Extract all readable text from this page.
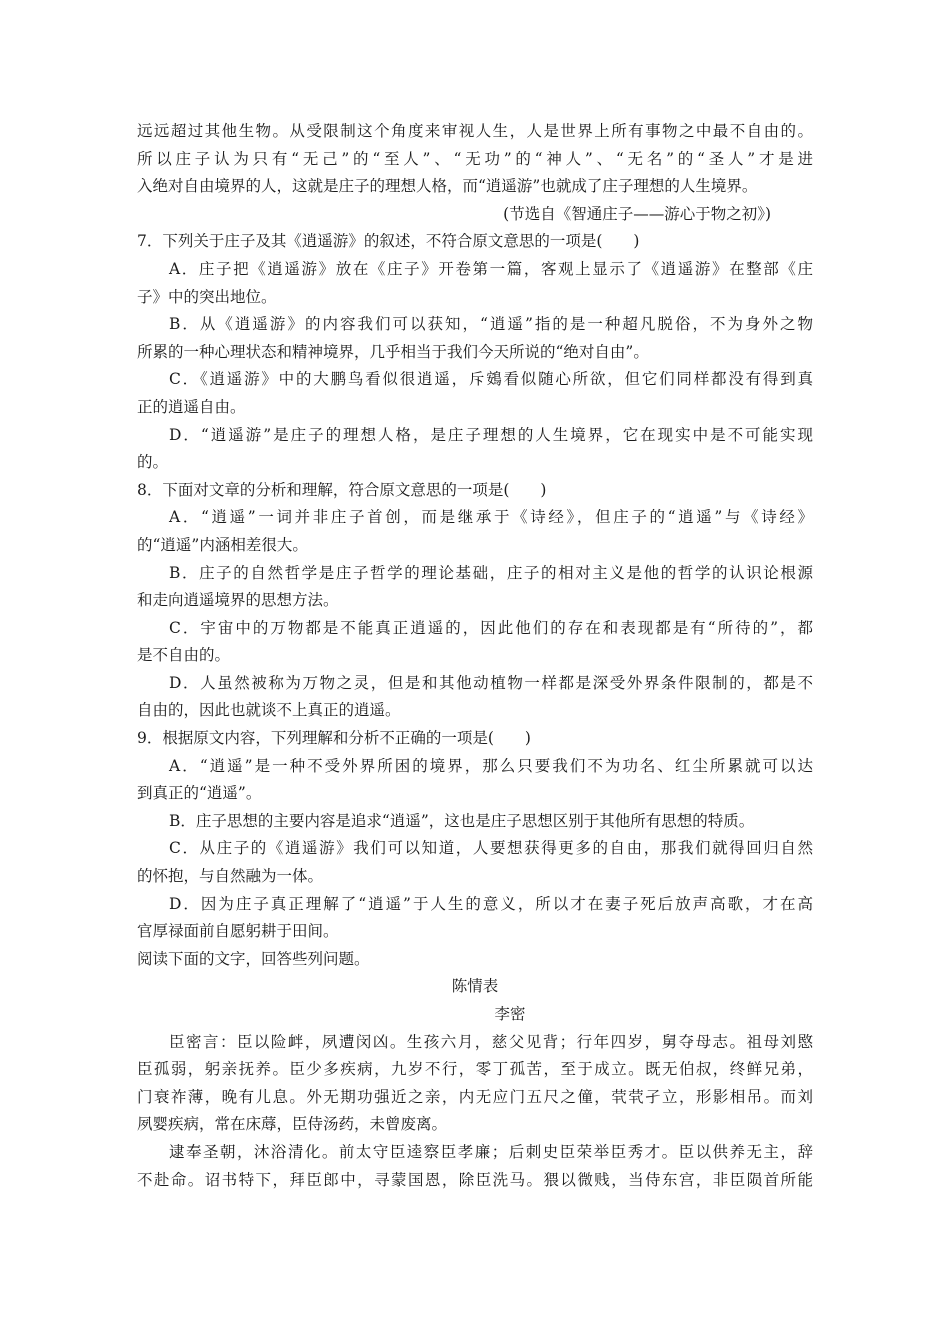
远远超过其他生物。从受限制这个角度来审视人生，人是世界上所有事物之中最不自由的。
所以庄子认为只有“无己”的“至人”、“无功”的“神人”、“无名”的“圣人”才是进
入绝对自由境界的人，这就是庄子的理想人格，而“逍遥游”也就成了庄子理想的人生境界。
(节选自《智通庄子——游心于物之初》)
7．下列关于庄子及其《逍遥游》的叙述，不符合原文意思的一项是(　　)
A．庄子把《逍遥游》放在《庄子》开卷第一篇，客观上显示了《逍遥游》在整部《庄
子》中的突出地位。
B．从《逍遥游》的内容我们可以获知，“逍遥”指的是一种超凡脱俗，不为身外之物
所累的一种心理状态和精神境界，几乎相当于我们今天所说的“绝对自由”。
C．《逍遥游》中的大鹏鸟看似很逍遥，斥鴳看似随心所欲，但它们同样都没有得到真
正的逍遥自由。
D．“逍遥游”是庄子的理想人格，是庄子理想的人生境界，它在现实中是不可能实现
的。
8．下面对文章的分析和理解，符合原文意思的一项是(　　)
A．“逍遥”一词并非庄子首创，而是继承于《诗经》，但庄子的“逍遥”与《诗经》
的“逍遥”内涵相差很大。
B．庄子的自然哲学是庄子哲学的理论基础，庄子的相对主义是他的哲学的认识论根源
和走向逍遥境界的思想方法。
C．宇宙中的万物都是不能真正逍遥的，因此他们的存在和表现都是有“所待的”，都
是不自由的。
D．人虽然被称为万物之灵，但是和其他动植物一样都是深受外界条件限制的，都是不
自由的，因此也就谈不上真正的逍遥。
9．根据原文内容，下列理解和分析不正确的一项是(　　)
A．“逍遥”是一种不受外界所困的境界，那么只要我们不为功名、红尘所累就可以达
到真正的“逍遥”。
B．庄子思想的主要内容是追求“逍遥”，这也是庄子思想区别于其他所有思想的特质。
C．从庄子的《逍遥游》我们可以知道，人要想获得更多的自由，那我们就得回归自然
的怀抱，与自然融为一体。
D．因为庄子真正理解了“逍遥”于人生的意义，所以才在妻子死后放声高歌，才在高
官厚禄面前自愿躬耕于田间。
阅读下面的文字，回答些列问题。
陈情表
李密
臣密言：臣以险衅，夙遭闵凶。生孩六月，慈父见背；行年四岁，舅夺母志。祖母刘愍
臣孤弱，躬亲抚养。臣少多疾病，九岁不行，零丁孤苦，至于成立。既无伯叔，终鲜兄弟，
门衰祚薄，晚有儿息。外无期功强近之亲，内无应门五尺之僮，茕茕孑立，形影相吊。而刘
夙婴疾病，常在床蓐，臣侍汤药，未曾废离。
逮奉圣朝，沐浴清化。前太守臣逵察臣孝廉；后刺史臣荣举臣秀才。臣以供养无主，辞
不赴命。诏书特下，拜臣郎中，寻蒙国恩，除臣洗马。猥以微贱，当侍东宫，非臣陨首所能
